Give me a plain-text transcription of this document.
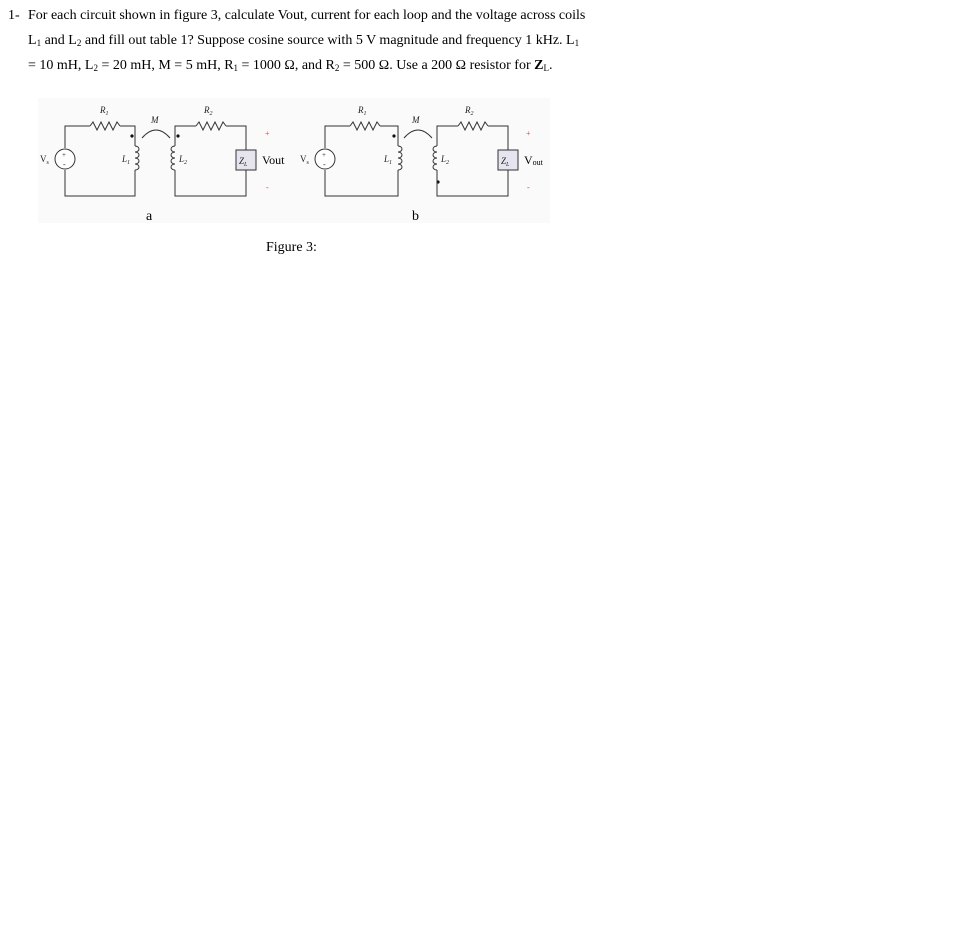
1- For each circuit shown in figure 3, calculate Vout, current for each loop and the voltage across coils
$L_1$ and $L_2$ and fill out table 1? Suppose cosine source with 5 V magnitude and frequency 1 kHz. $L_1$
= 10 mH, $L_2 = 20$ mH, M = 5 mH, $R_1 = 1000$ Ω, and $R_2 = 500$ Ω. Use a 200 Ω resistor for $Z_L$.
+
-
$V_s$
$R_1$
$L_1$
M
$L_2$
$R_2$
$Z_L$
+
-
Vout
a
+
-
$V_s$
$R_1$
$L_1$
M
$L_2$
$R_2$
$Z_L$
+
-
Vout
b
Figure 3:
